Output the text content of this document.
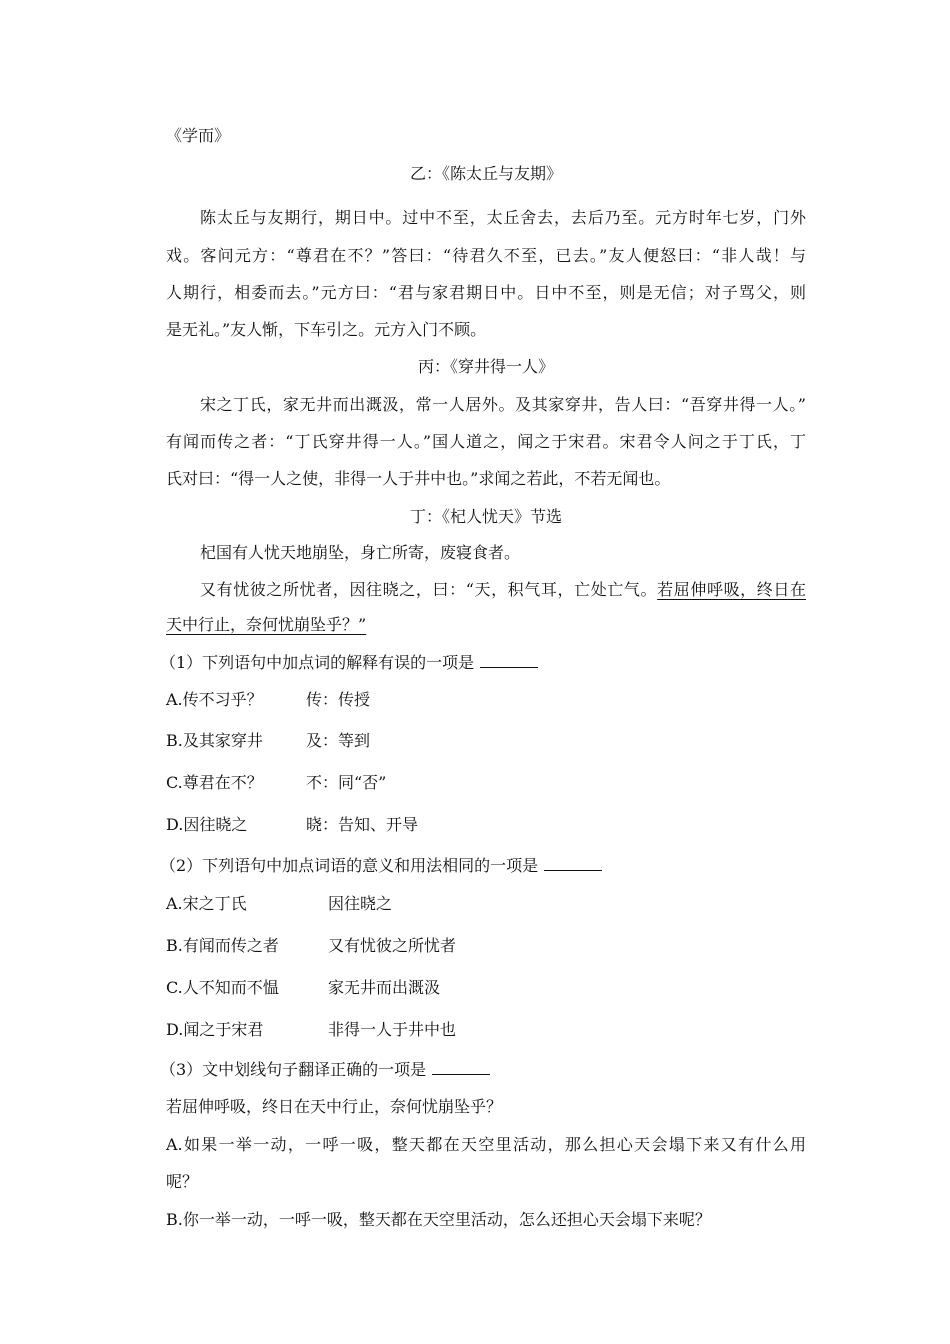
《学而》
乙：《陈太丘与友期》
陈太丘与友期行，期日中。过中不至，太丘舍去，去后乃至。元方时年七岁，门外
戏。客问元方：“尊君在不？”答曰：“待君久不至，已去。”友人便怒曰：“非人哉！与
人期行，相委而去。”元方曰：“君与家君期日中。日中不至，则是无信；对子骂父，则
是无礼。”友人惭，下车引之。元方入门不顾。
丙：《穿井得一人》
宋之丁氏，家无井而出溉汲，常一人居外。及其家穿井，告人曰：“吾穿井得一人。”
有闻而传之者：“丁氏穿井得一人。”国人道之，闻之于宋君。宋君令人问之于丁氏，丁
氏对曰：“得一人之使，非得一人于井中也。”求闻之若此，不若无闻也。
丁：《杞人忧天》节选
杞国有人忧天地崩坠，身亡所寄，废寝食者。
又有忧彼之所忧者，因往晓之，曰：“天，积气耳，亡处亡气。若屈伸呼吸，终日在
天中行止，奈何忧崩坠乎？”
（1）下列语句中加点词的解释有误的一项是
A.传不习乎？	传：传授
B.及其家穿井	及：等到
C.尊君在不？	不：同“否”
D.因往晓之	晓：告知、开导
（2）下列语句中加点词语的意义和用法相同的一项是
A.宋之丁氏	因往晓之
B.有闻而传之者	又有忧彼之所忧者
C.人不知而不愠	家无井而出溉汲
D.闻之于宋君	非得一人于井中也
（3）文中划线句子翻译正确的一项是
若屈伸呼吸，终日在天中行止，奈何忧崩坠乎？
A.如果一举一动，一呼一吸，整天都在天空里活动，那么担心天会塌下来又有什么用
呢？
B.你一举一动，一呼一吸，整天都在天空里活动，怎么还担心天会塌下来呢？
